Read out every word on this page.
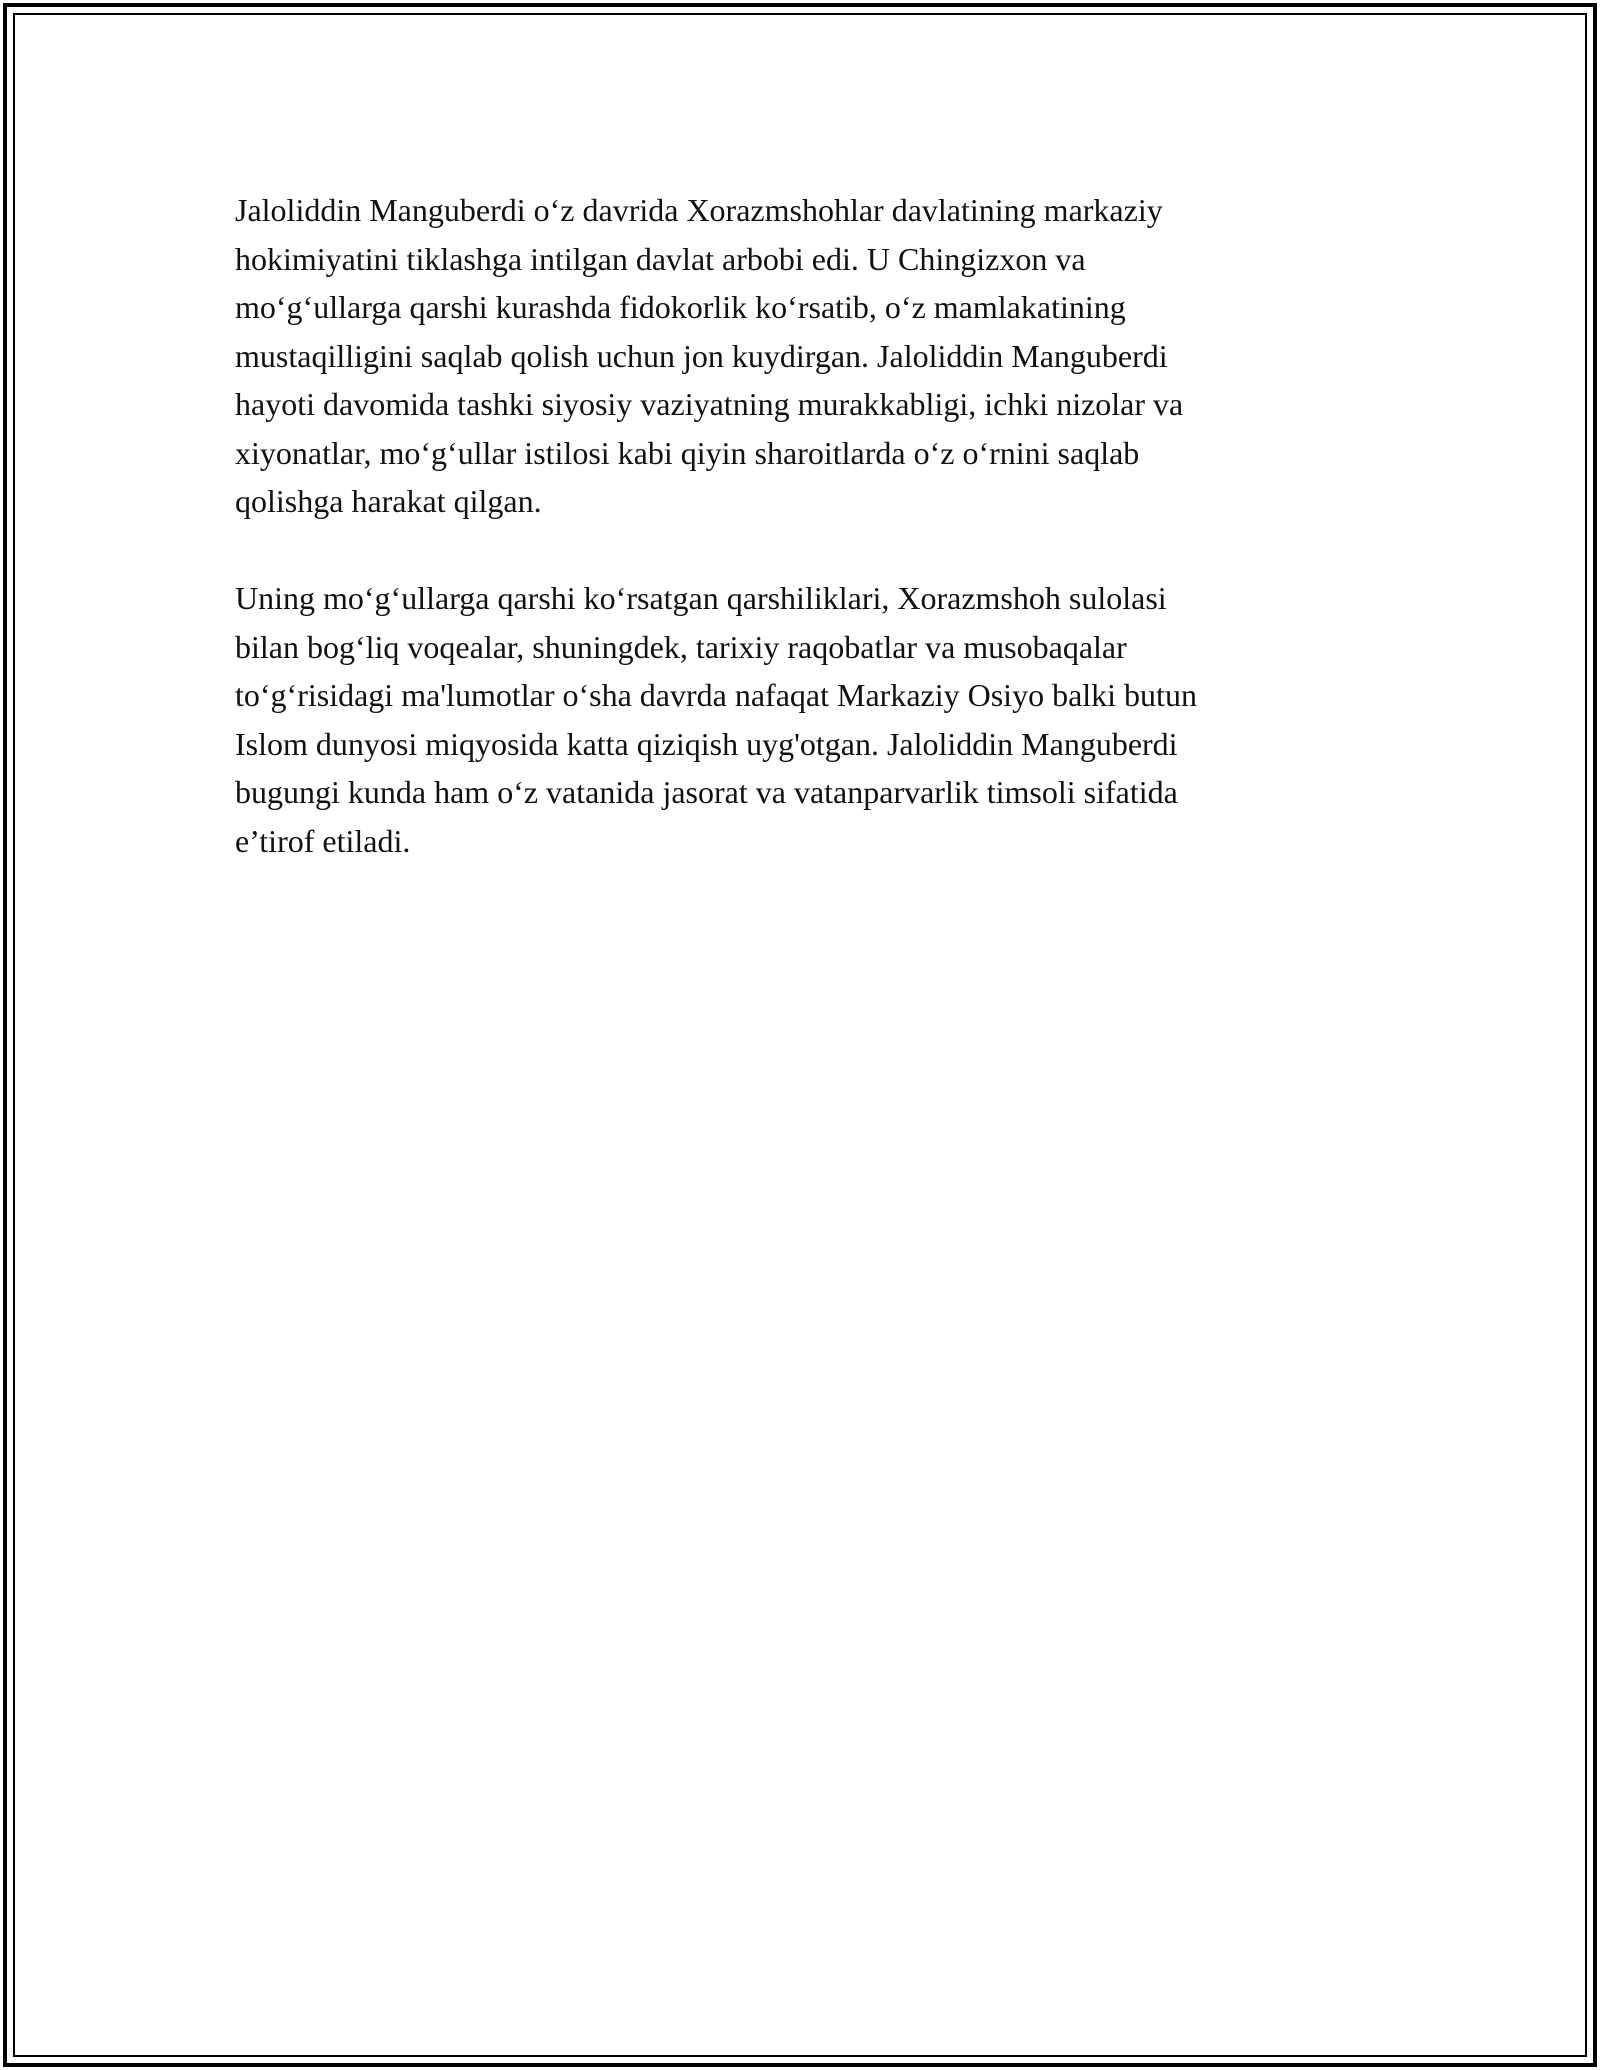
Jaloliddin Manguberdi o‘z davrida Xorazmshohlar davlatining markaziy
hokimiyatini tiklashga intilgan davlat arbobi edi. U Chingizxon va
mo‘g‘ullarga qarshi kurashda fidokorlik ko‘rsatib, o‘z mamlakatining
mustaqilligini saqlab qolish uchun jon kuydirgan. Jaloliddin Manguberdi
hayoti davomida tashki siyosiy vaziyatning murakkabligi, ichki nizolar va
xiyonatlar, mo‘g‘ullar istilosi kabi qiyin sharoitlarda o‘z o‘rnini saqlab
qolishga harakat qilgan.

Uning mo‘g‘ullarga qarshi ko‘rsatgan qarshiliklari, Xorazmshoh sulolasi
bilan bog‘liq voqealar, shuningdek, tarixiy raqobatlar va musobaqalar
to‘g‘risidagi ma'lumotlar o‘sha davrda nafaqat Markaziy Osiyo balki butun
Islom dunyosi miqyosida katta qiziqish uyg'otgan. Jaloliddin Manguberdi
bugungi kunda ham o‘z vatanida jasorat va vatanparvarlik timsoli sifatida
e’tirof etiladi.
